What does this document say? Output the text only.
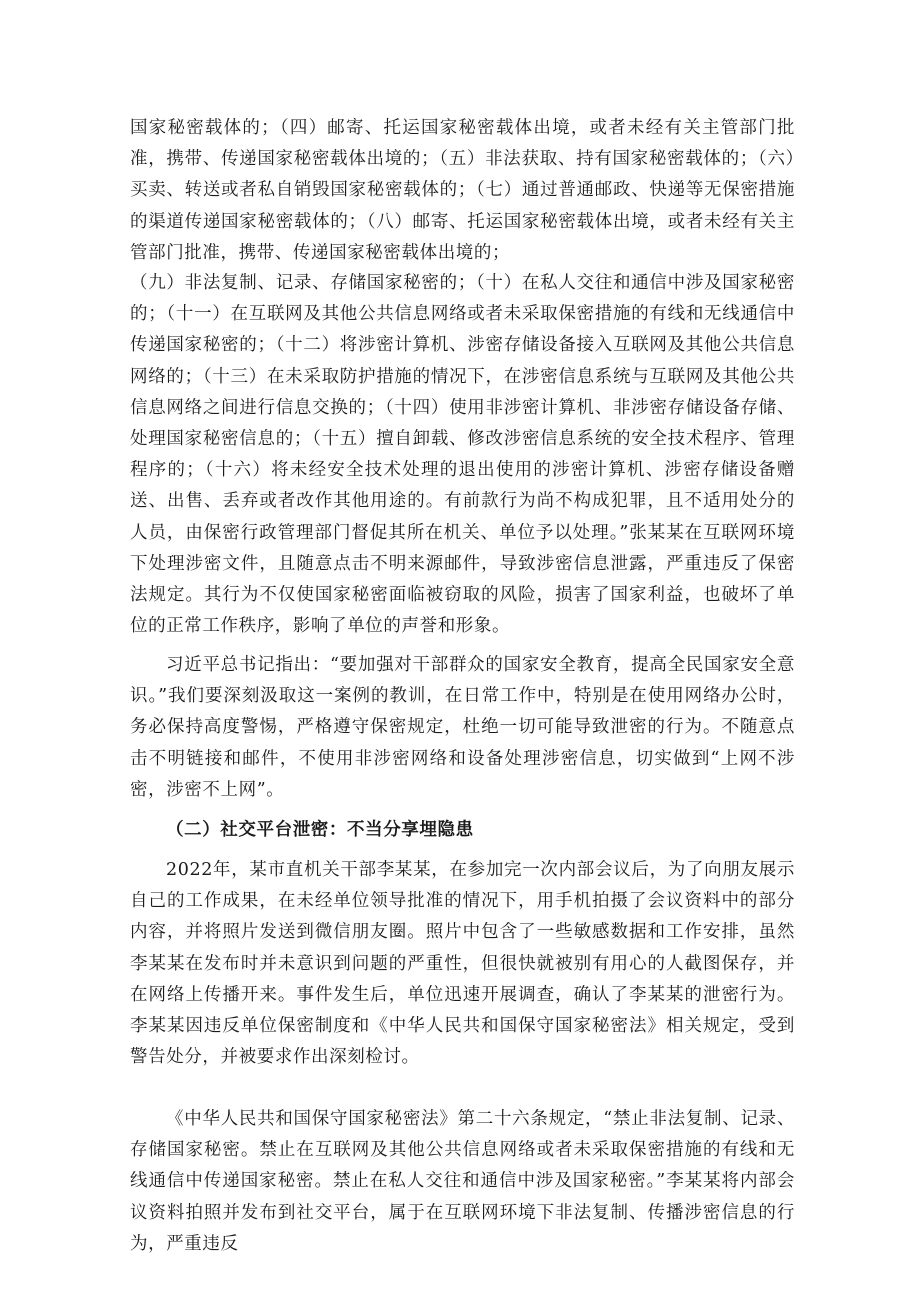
国家秘密载体的；（四）邮寄、托运国家秘密载体出境，或者未经有关主管部门批准，携带、传递国家秘密载体出境的；（五）非法获取、持有国家秘密载体的；（六）买卖、转送或者私自销毁国家秘密载体的；（七）通过普通邮政、快递等无保密措施的渠道传递国家秘密载体的；（八）邮寄、托运国家秘密载体出境，或者未经有关主管部门批准，携带、传递国家秘密载体出境的；

（九）非法复制、记录、存储国家秘密的；（十）在私人交往和通信中涉及国家秘密的；（十一）在互联网及其他公共信息网络或者未采取保密措施的有线和无线通信中传递国家秘密的；（十二）将涉密计算机、涉密存储设备接入互联网及其他公共信息网络的；（十三）在未采取防护措施的情况下，在涉密信息系统与互联网及其他公共信息网络之间进行信息交换的；（十四）使用非涉密计算机、非涉密存储设备存储、处理国家秘密信息的；（十五）擅自卸载、修改涉密信息系统的安全技术程序、管理程序的；（十六）将未经安全技术处理的退出使用的涉密计算机、涉密存储设备赠送、出售、丢弃或者改作其他用途的。有前款行为尚不构成犯罪，且不适用处分的人员，由保密行政管理部门督促其所在机关、单位予以处理。”张某某在互联网环境下处理涉密文件，且随意点击不明来源邮件，导致涉密信息泄露，严重违反了保密法规定。其行为不仅使国家秘密面临被窃取的风险，损害了国家利益，也破坏了单位的正常工作秩序，影响了单位的声誉和形象。

习近平总书记指出：“要加强对干部群众的国家安全教育，提高全民国家安全意识。”我们要深刻汲取这一案例的教训，在日常工作中，特别是在使用网络办公时，务必保持高度警惕，严格遵守保密规定，杜绝一切可能导致泄密的行为。不随意点击不明链接和邮件，不使用非涉密网络和设备处理涉密信息，切实做到“上网不涉密，涉密不上网”。

（二）社交平台泄密：不当分享埋隐患

2022年，某市直机关干部李某某，在参加完一次内部会议后，为了向朋友展示自己的工作成果，在未经单位领导批准的情况下，用手机拍摄了会议资料中的部分内容，并将照片发送到微信朋友圈。照片中包含了一些敏感数据和工作安排，虽然李某某在发布时并未意识到问题的严重性，但很快就被别有用心的人截图保存，并在网络上传播开来。事件发生后，单位迅速开展调查，确认了李某某的泄密行为。李某某因违反单位保密制度和《中华人民共和国保守国家秘密法》相关规定，受到警告处分，并被要求作出深刻检讨。

《中华人民共和国保守国家秘密法》第二十六条规定，“禁止非法复制、记录、存储国家秘密。禁止在互联网及其他公共信息网络或者未采取保密措施的有线和无线通信中传递国家秘密。禁止在私人交往和通信中涉及国家秘密。”李某某将内部会议资料拍照并发布到社交平台，属于在互联网环境下非法复制、传播涉密信息的行为，严重违反
